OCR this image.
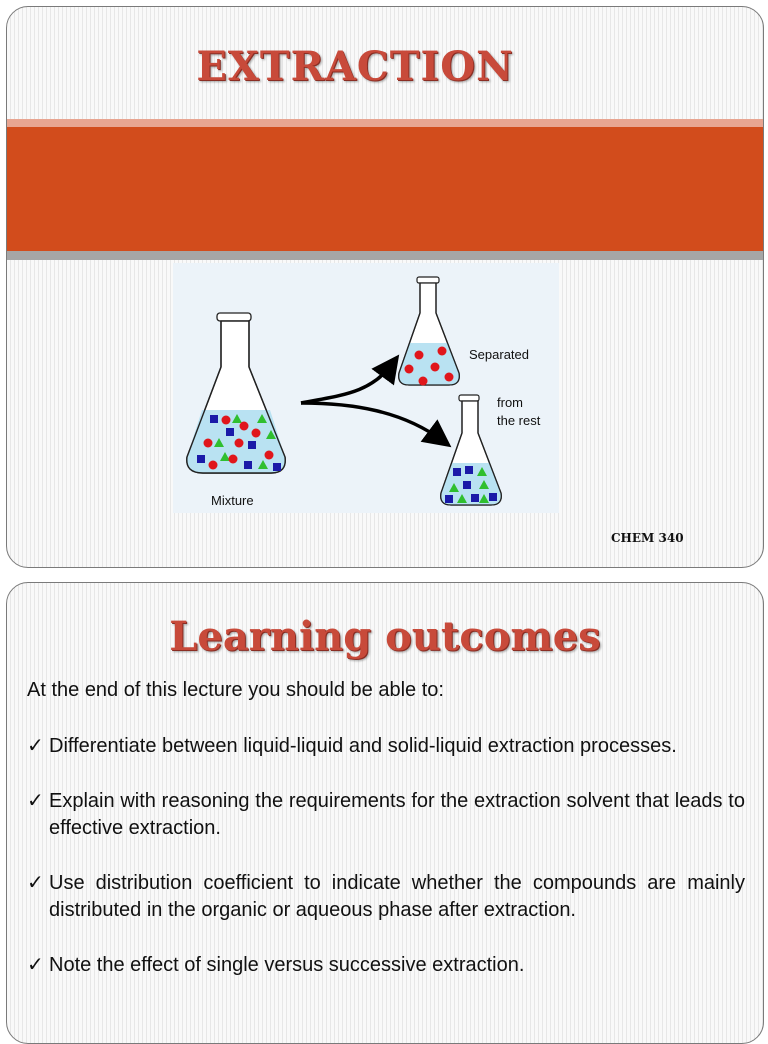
EXTRACTION
Mixture
Separated
from
the rest
CHEM 340
Learning outcomes
At the end of this lecture you should be able to:
✓ Differentiate between liquid-liquid and solid-liquid extraction processes.
✓ Explain with reasoning the requirements for the extraction solvent that leads to effective extraction.
✓ Use distribution coefficient to indicate whether the compounds are mainly distributed in the organic or aqueous phase after extraction.
✓ Note the effect of single versus successive extraction.
